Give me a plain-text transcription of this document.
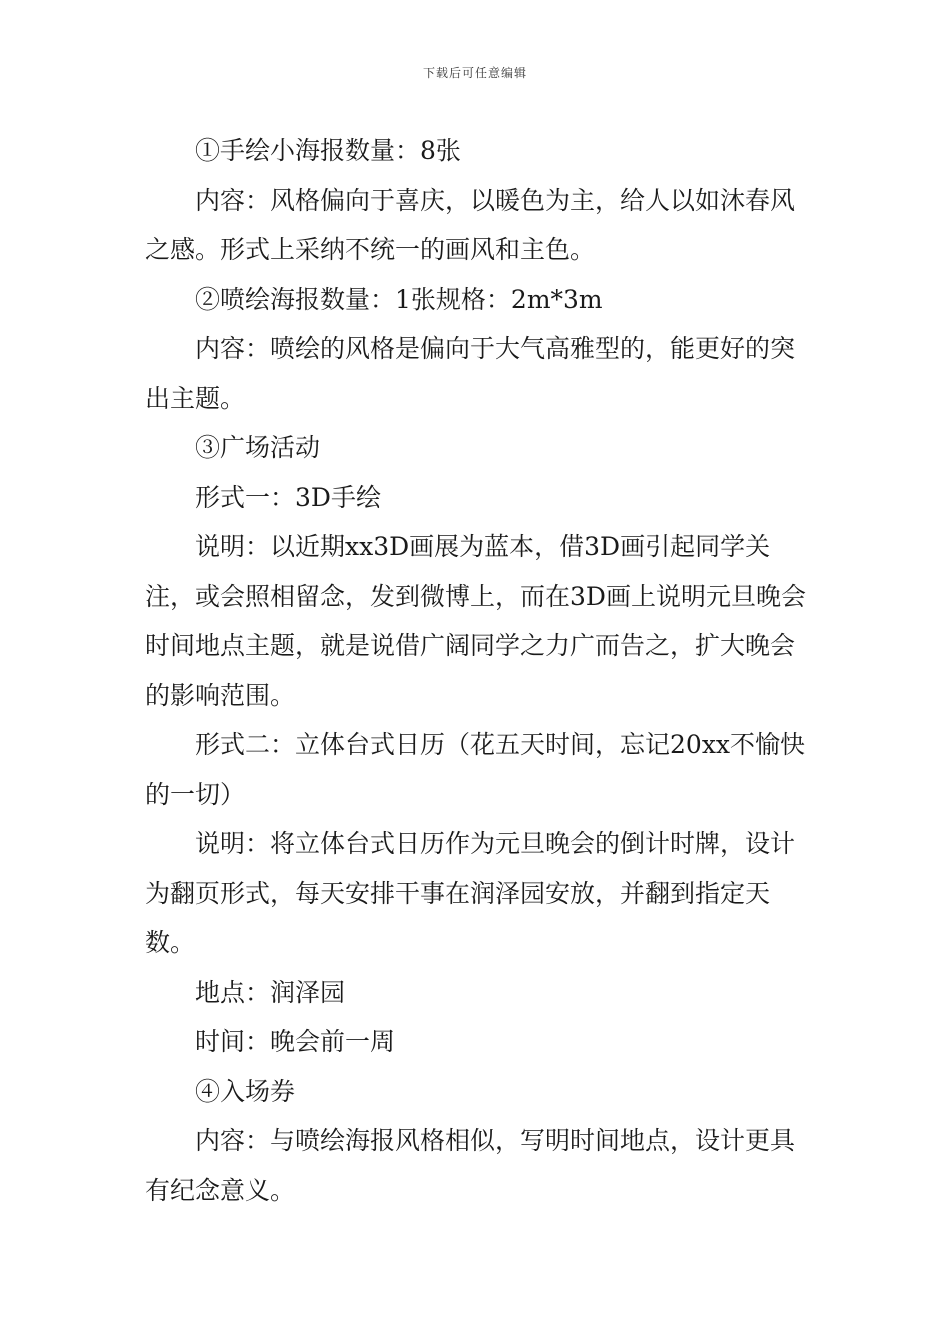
下载后可任意编辑

①手绘小海报数量：8张

内容：风格偏向于喜庆，以暖色为主，给人以如沐春风之感。形式上采纳不统一的画风和主色。

②喷绘海报数量：1张规格：2m*3m

内容：喷绘的风格是偏向于大气高雅型的，能更好的突出主题。

③广场活动

形式一：3D手绘

说明：以近期xx3D画展为蓝本，借3D画引起同学关注，或会照相留念，发到微博上，而在3D画上说明元旦晚会时间地点主题，就是说借广阔同学之力广而告之，扩大晚会的影响范围。

形式二：立体台式日历（花五天时间，忘记20xx不愉快的一切）

说明：将立体台式日历作为元旦晚会的倒计时牌，设计为翻页形式，每天安排干事在润泽园安放，并翻到指定天数。

地点：润泽园

时间：晚会前一周

④入场券

内容：与喷绘海报风格相似，写明时间地点，设计更具有纪念意义。
